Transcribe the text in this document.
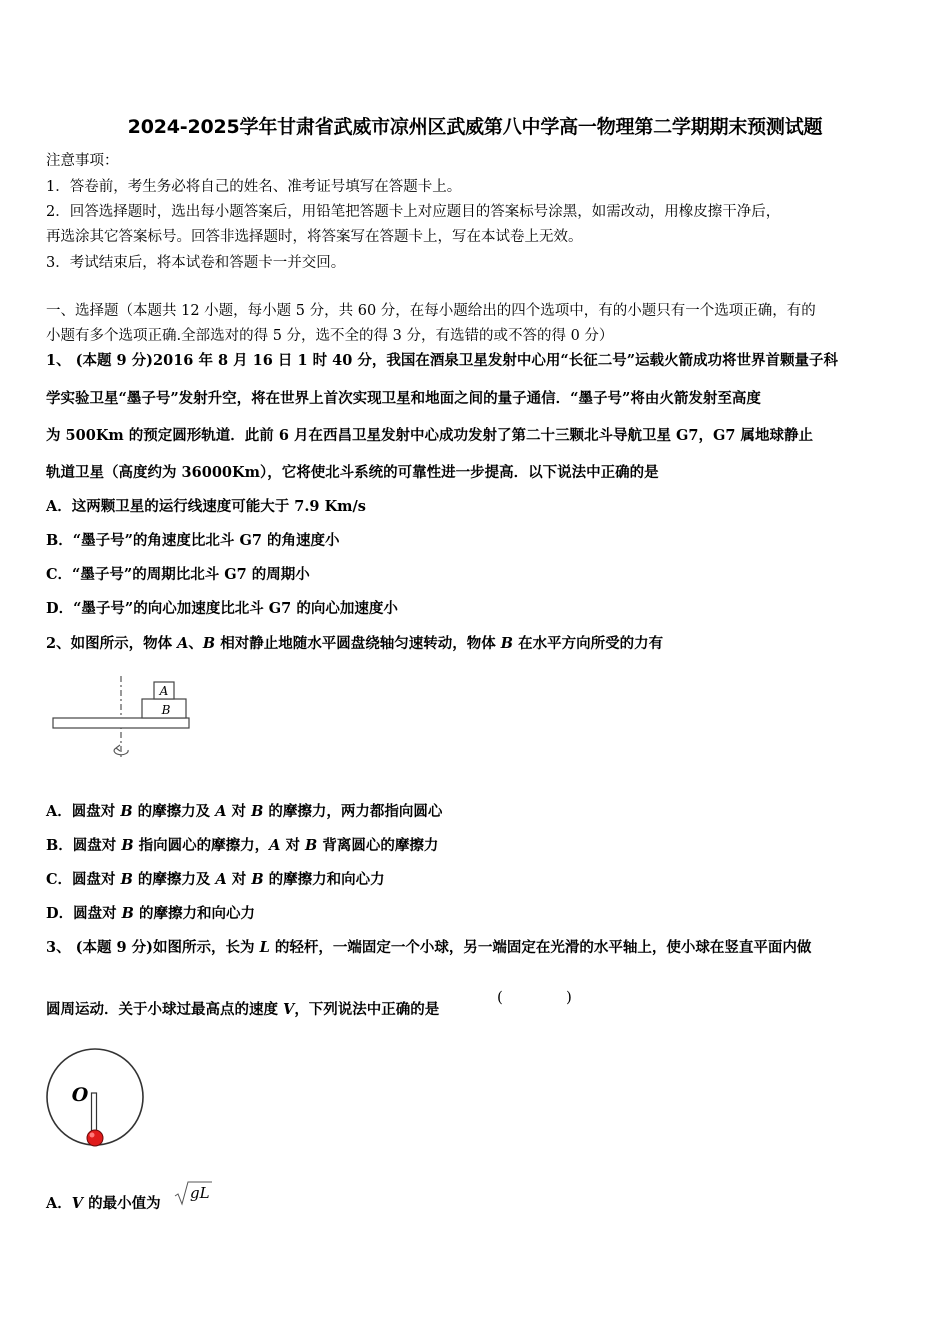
2024-2025学年甘肃省武威市凉州区武威第八中学高一物理第二学期期末预测试题
注意事项：
1．答卷前，考生务必将自己的姓名、准考证号填写在答题卡上。
2．回答选择题时，选出每小题答案后，用铅笔把答题卡上对应题目的答案标号涂黑，如需改动，用橡皮擦干净后，
再选涂其它答案标号。回答非选择题时，将答案写在答题卡上，写在本试卷上无效。
3．考试结束后，将本试卷和答题卡一并交回。
一、选择题（本题共 12 小题，每小题 5 分，共 60 分，在每小题给出的四个选项中，有的小题只有一个选项正确，有的
小题有多个选项正确.全部选对的得 5 分，选不全的得 3 分，有选错的或不答的得 0 分）
1、 (本题 9 分)2016 年 8 月 16 日 1 时 40 分，我国在酒泉卫星发射中心用“长征二号”运载火箭成功将世界首颗量子科
学实验卫星“墨子号”发射升空，将在世界上首次实现卫星和地面之间的量子通信．“墨子号”将由火箭发射至高度
为 500Km 的预定圆形轨道．此前 6 月在西昌卫星发射中心成功发射了第二十三颗北斗导航卫星 G7，G7 属地球静止
轨道卫星（高度约为 36000Km），它将使北斗系统的可靠性进一步提高．以下说法中正确的是
A．这两颗卫星的运行线速度可能大于 7.9 Km/s
B．“墨子号”的角速度比北斗 G7 的角速度小
C．“墨子号”的周期比北斗 G7 的周期小
D．“墨子号”的向心加速度比北斗 G7 的向心加速度小
2、如图所示，物体 A、B 相对静止地随水平圆盘绕轴匀速转动，物体 B 在水平方向所受的力有
A
B
A．圆盘对 B 的摩擦力及 A 对 B 的摩擦力，两力都指向圆心
B．圆盘对 B 指向圆心的摩擦力，A 对 B 背离圆心的摩擦力
C．圆盘对 B 的摩擦力及 A 对 B 的摩擦力和向心力
D．圆盘对 B 的摩擦力和向心力
3、 (本题 9 分)如图所示，长为 L 的轻杆，一端固定一个小球，另一端固定在光滑的水平轴上，使小球在竖直平面内做
圆周运动．关于小球过最高点的速度 V，下列说法中正确的是
(	)
O
A．V 的最小值为
gL
